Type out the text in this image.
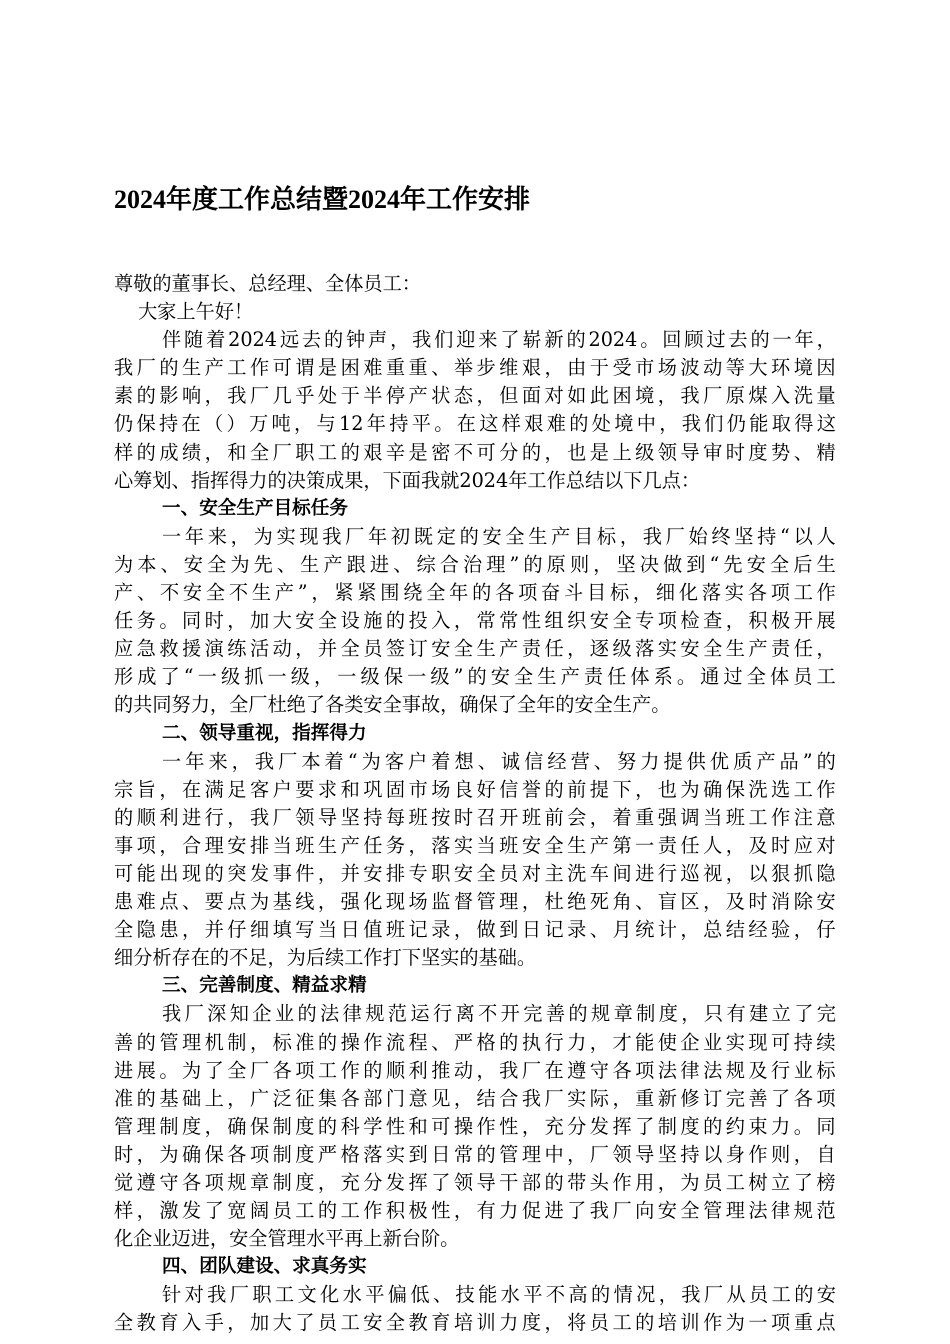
2024年度工作总结暨2024年工作安排
尊敬的董事长、总经理、全体员工：
大家上午好！
伴 随 着 2024 远 去 的 钟 声 ， 我 们 迎 来 了 崭 新 的 2024 。 回 顾 过 去 的 一 年 ，
我 厂 的 生 产 工 作 可 谓 是 困 难 重 重 、 举 步 维 艰 ， 由 于 受 市 场 波 动 等 大 环 境 因
素 的 影 响 ， 我 厂 几 乎 处 于 半 停 产 状 态 ， 但 面 对 如 此 困 境 ， 我 厂 原 煤 入 洗 量
仍 保 持 在 （ ） 万 吨 ， 与 12 年 持 平 。 在 这 样 艰 难 的 处 境 中 ， 我 们 仍 能 取 得 这
样 的 成 绩 ， 和 全 厂 职 工 的 艰 辛 是 密 不 可 分 的 ， 也 是 上 级 领 导 审 时 度 势 、 精
心筹划、指挥得力的决策成果，下面我就2024年工作总结以下几点：
一、安全生产目标任务
一 年 来 ， 为 实 现 我 厂 年 初 既 定 的 安 全 生 产 目 标 ， 我 厂 始 终 坚 持 “ 以 人
为 本 、 安 全 为 先 、 生 产 跟 进 、 综 合 治 理 ” 的 原 则 ， 坚 决 做 到 “ 先 安 全 后 生
产 、 不 安 全 不 生 产 ” ， 紧 紧 围 绕 全 年 的 各 项 奋 斗 目 标 ， 细 化 落 实 各 项 工 作
任 务 。 同 时 ， 加 大 安 全 设 施 的 投 入 ， 常 常 性 组 织 安 全 专 项 检 查 ， 积 极 开 展
应 急 救 援 演 练 活 动 ， 并 全 员 签 订 安 全 生 产 责 任 ， 逐 级 落 实 安 全 生 产 责 任 ，
形 成 了 “ 一 级 抓 一 级 ， 一 级 保 一 级 ” 的 安 全 生 产 责 任 体 系 。 通 过 全 体 员 工
的共同努力，全厂杜绝了各类安全事故，确保了全年的安全生产。
二、领导重视，指挥得力
一 年 来 ， 我 厂 本 着 “ 为 客 户 着 想 、 诚 信 经 营 、 努 力 提 供 优 质 产 品 ” 的
宗 旨 ， 在 满 足 客 户 要 求 和 巩 固 市 场 良 好 信 誉 的 前 提 下 ， 也 为 确 保 洗 选 工 作
的 顺 利 进 行 ， 我 厂 领 导 坚 持 每 班 按 时 召 开 班 前 会 ， 着 重 强 调 当 班 工 作 注 意
事 项 ， 合 理 安 排 当 班 生 产 任 务 ， 落 实 当 班 安 全 生 产 第 一 责 任 人 ， 及 时 应 对
可 能 出 现 的 突 发 事 件 ， 并 安 排 专 职 安 全 员 对 主 洗 车 间 进 行 巡 视 ， 以 狠 抓 隐
患 难 点 、 要 点 为 基 线 ， 强 化 现 场 监 督 管 理 ， 杜 绝 死 角 、 盲 区 ， 及 时 消 除 安
全 隐 患 ， 并 仔 细 填 写 当 日 值 班 记 录 ， 做 到 日 记 录 、 月 统 计 ， 总 结 经 验 ， 仔
细分析存在的不足，为后续工作打下坚实的基础。
三、完善制度、精益求精
我 厂 深 知 企 业 的 法 律 规 范 运 行 离 不 开 完 善 的 规 章 制 度 ， 只 有 建 立 了 完
善 的 管 理 机 制 ， 标 准 的 操 作 流 程 、 严 格 的 执 行 力 ， 才 能 使 企 业 实 现 可 持 续
进 展 。 为 了 全 厂 各 项 工 作 的 顺 利 推 动 ， 我 厂 在 遵 守 各 项 法 律 法 规 及 行 业 标
准 的 基 础 上 ， 广 泛 征 集 各 部 门 意 见 ， 结 合 我 厂 实 际 ， 重 新 修 订 完 善 了 各 项
管 理 制 度 ， 确 保 制 度 的 科 学 性 和 可 操 作 性 ， 充 分 发 挥 了 制 度 的 约 束 力 。 同
时 ， 为 确 保 各 项 制 度 严 格 落 实 到 日 常 的 管 理 中 ， 厂 领 导 坚 持 以 身 作 则 ， 自
觉 遵 守 各 项 规 章 制 度 ， 充 分 发 挥 了 领 导 干 部 的 带 头 作 用 ， 为 员 工 树 立 了 榜
样 ， 激 发 了 宽 阔 员 工 的 工 作 积 极 性 ， 有 力 促 进 了 我 厂 向 安 全 管 理 法 律 规 范
化企业迈进，安全管理水平再上新台阶。
四、团队建设、求真务实
针 对 我 厂 职 工 文 化 水 平 偏 低 、 技 能 水 平 不 高 的 情 况 ， 我 厂 从 员 工 的 安
全 教 育 入 手 ， 加 大 了 员 工 安 全 教 育 培 训 力 度 ， 将 员 工 的 培 训 作 为 一 项 重 点
